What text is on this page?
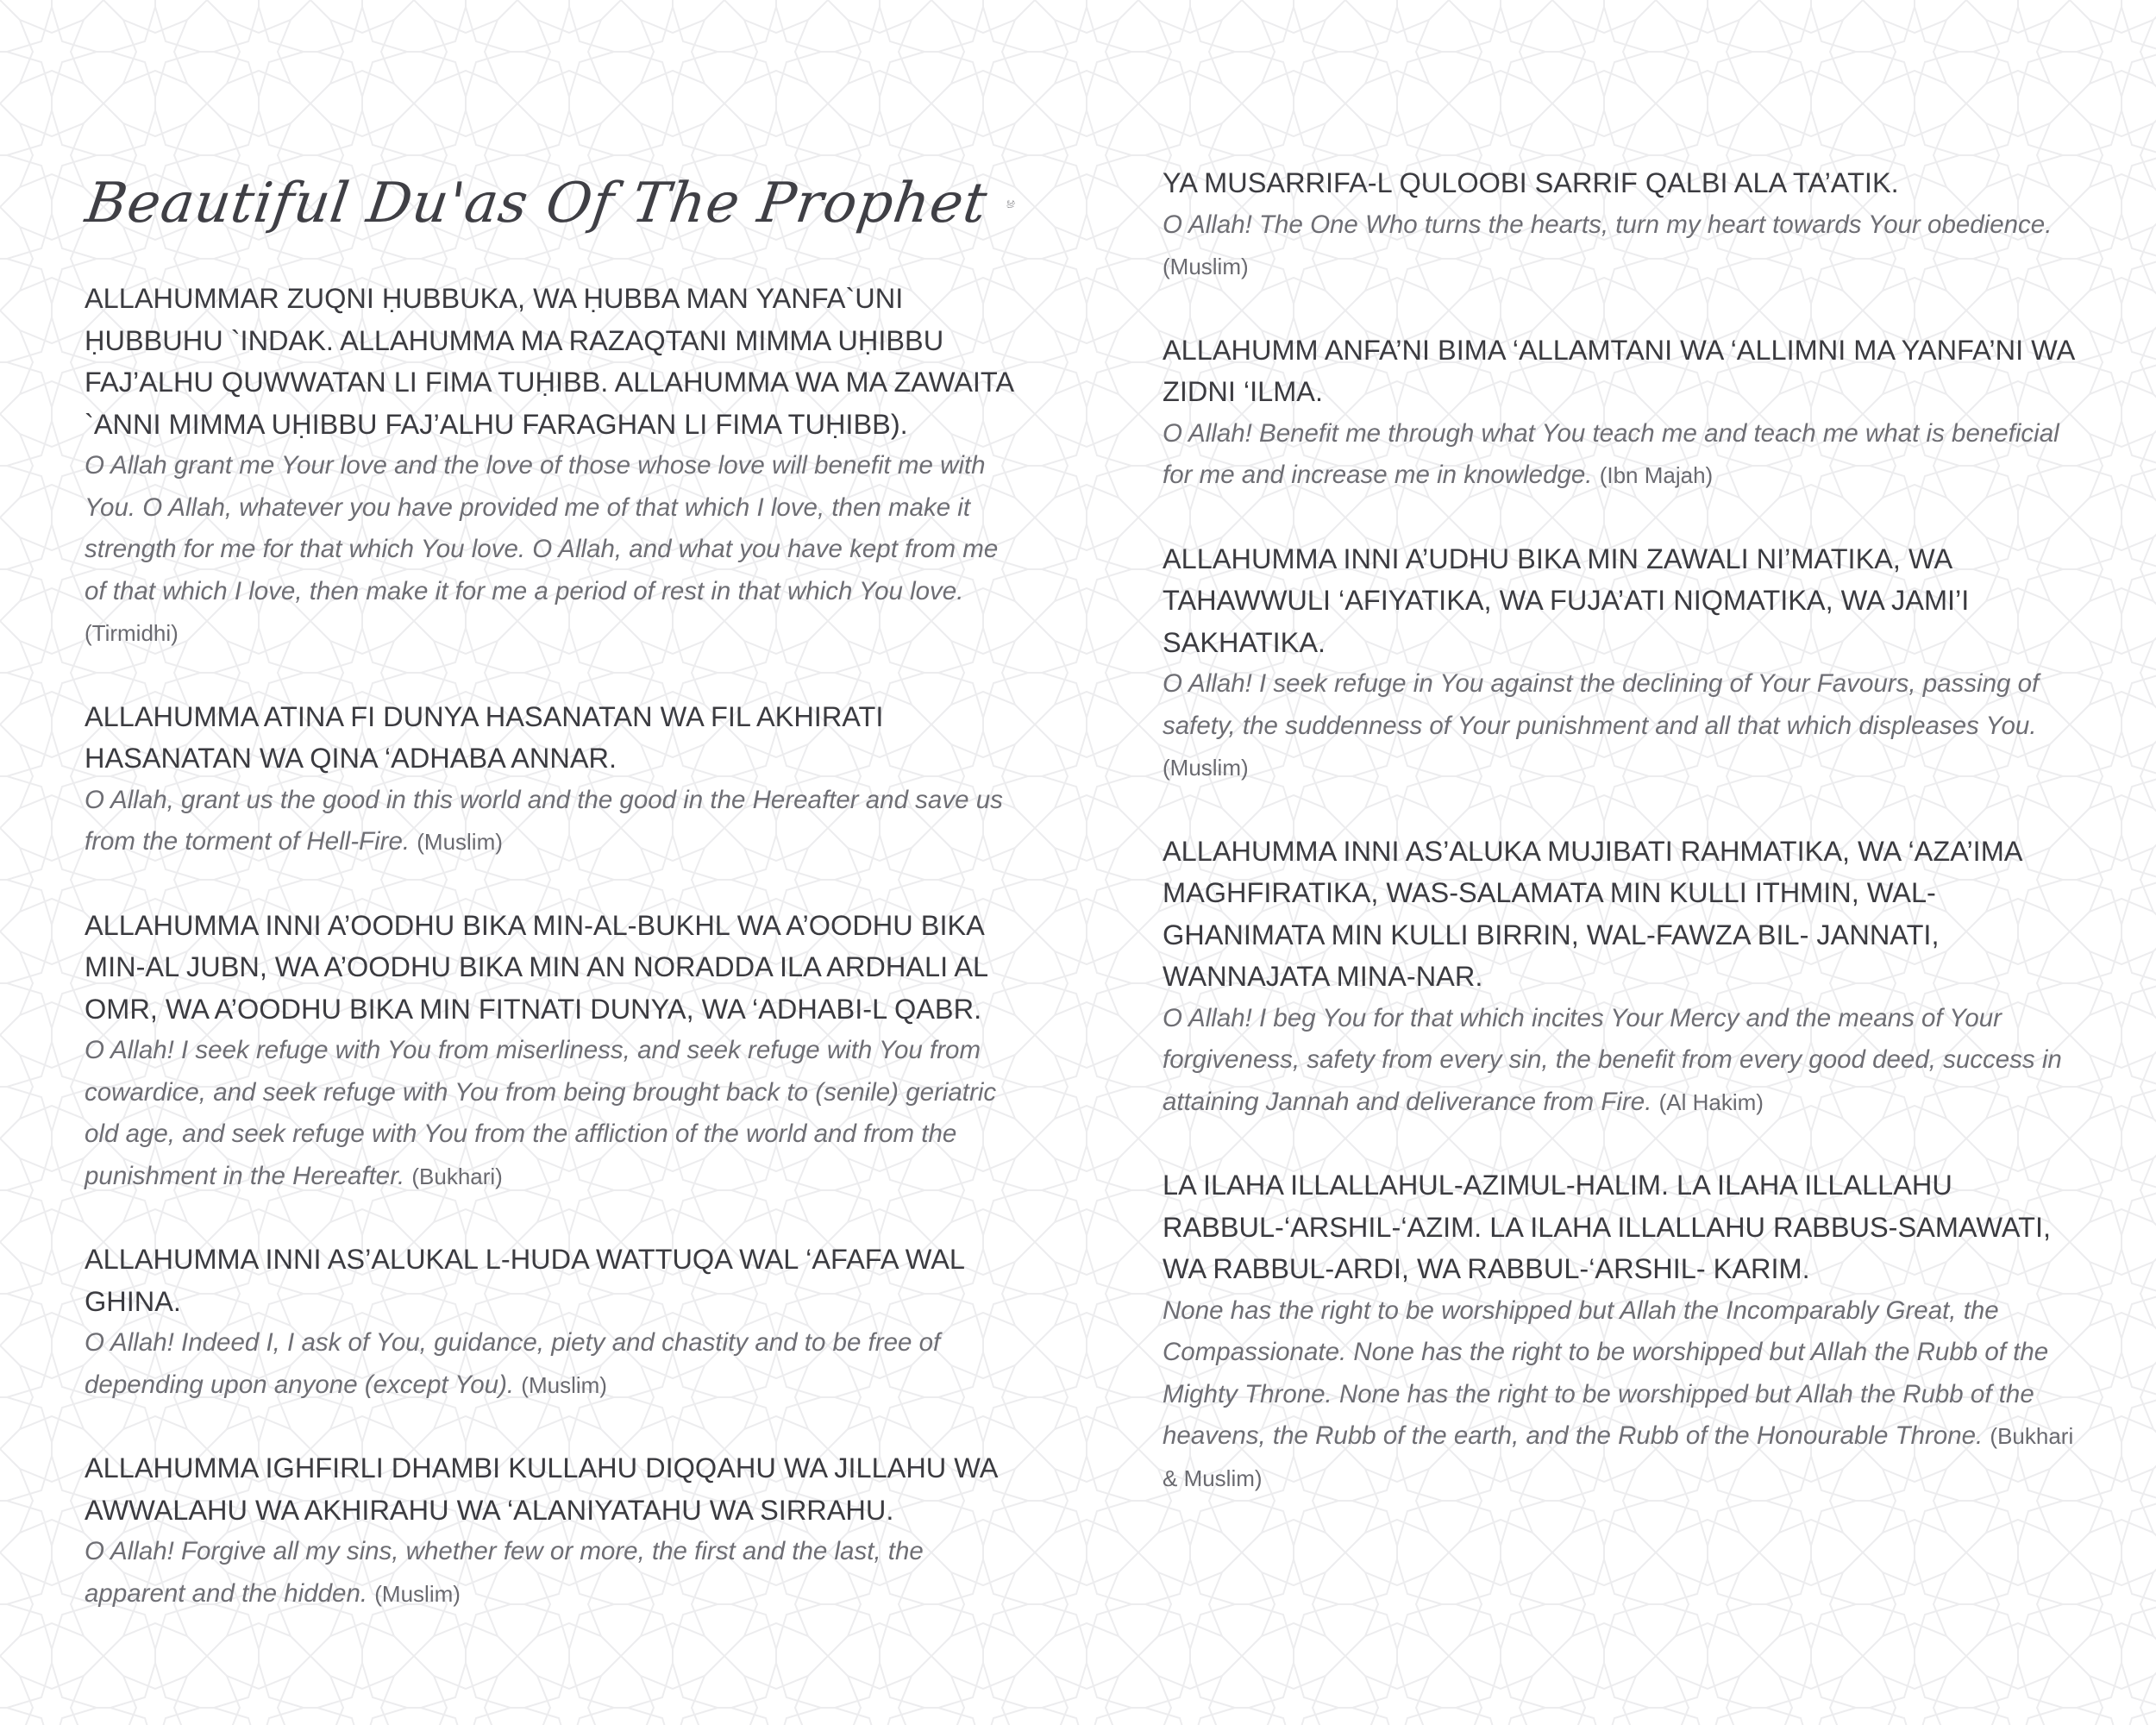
Beautiful Du'as Of The Prophet
ALLAHUMMAR ZUQNI ḤUBBUKA, WA ḤUBBA MAN YANFA`UNI ḤUBBUHU `INDAK. ALLAHUMMA MA RAZAQTANI MIMMA UḤIBBU FAJ’ALHU QUWWATAN LI FIMA TUḤIBB. ALLAHUMMA WA MA ZAWAITA `ANNI MIMMA UḤIBBU FAJ’ALHU FARAGHAN LI FIMA TUḤIBB).
O Allah grant me Your love and the love of those whose love will benefit me with You. O Allah, whatever you have provided me of that which I love, then make it strength for me for that which You love. O Allah, and what you have kept from me of that which I love, then make it for me a period of rest in that which You love. (Tirmidhi)
ALLAHUMMA ATINA FI DUNYA HASANATAN WA FIL AKHIRATI HASANATAN WA QINA ‘ADHABA ANNAR.
O Allah, grant us the good in this world and the good in the Hereafter and save us from the torment of Hell-Fire. (Muslim)
ALLAHUMMA INNI A’OODHU BIKA MIN-AL-BUKHL WA A’OODHU BIKA MIN-AL JUBN, WA A’OODHU BIKA MIN AN NORADDA ILA ARDHALI AL OMR, WA A’OODHU BIKA MIN FITNATI DUNYA, WA ‘ADHABI-L QABR.
O Allah! I seek refuge with You from miserliness, and seek refuge with You from cowardice, and seek refuge with You from being brought back to (senile) geriatric old age, and seek refuge with You from the affliction of the world and from the punishment in the Hereafter. (Bukhari)
ALLAHUMMA INNI AS’ALUKAL L-HUDA WATTUQA WAL ‘AFAFA WAL GHINA.
O Allah! Indeed I, I ask of You, guidance, piety and chastity and to be free of depending upon anyone (except You). (Muslim)
ALLAHUMMA IGHFIRLI DHAMBI KULLAHU DIQQAHU WA JILLAHU WA AWWALAHU WA AKHIRAHU WA ‘ALANIYATAHU WA SIRRAHU.
O Allah! Forgive all my sins, whether few or more, the first and the last, the apparent and the hidden. (Muslim)
YA MUSARRIFA-L QULOOBI SARRIF QALBI ALA TA’ATIK.
O Allah! The One Who turns the hearts, turn my heart towards Your obedience. (Muslim)
ALLAHUMM ANFA’NI BIMA ‘ALLAMTANI WA ‘ALLIMNI MA YANFA’NI WA ZIDNI ‘ILMA.
O Allah! Benefit me through what You teach me and teach me what is beneficial for me and increase me in knowledge. (Ibn Majah)
ALLAHUMMA INNI A’UDHU BIKA MIN ZAWALI NI’MATIKA, WA TAHAWWULI ‘AFIYATIKA, WA FUJA’ATI NIQMATIKA, WA JAMI’I SAKHATIKA.
O Allah! I seek refuge in You against the declining of Your Favours, passing of safety, the suddenness of Your punishment and all that which displeases You. (Muslim)
ALLAHUMMA INNI AS’ALUKA MUJIBATI RAHMATIKA, WA ‘AZA’IMA MAGHFIRATIKA, WAS-SALAMATA MIN KULLI ITHMIN, WAL-GHANIMATA MIN KULLI BIRRIN, WAL-FAWZA BIL- JANNATI, WANNAJATA MINA-NAR.
O Allah! I beg You for that which incites Your Mercy and the means of Your forgiveness, safety from every sin, the benefit from every good deed, success in attaining Jannah and deliverance from Fire. (Al Hakim)
LA ILAHA ILLALLAHUL-AZIMUL-HALIM. LA ILAHA ILLALLAHU RABBUL-‘ARSHIL-‘AZIM. LA ILAHA ILLALLAHU RABBUS-SAMAWATI, WA RABBUL-ARDI, WA RABBUL-‘ARSHIL- KARIM.
None has the right to be worshipped but Allah the Incomparably Great, the Compassionate. None has the right to be worshipped but Allah the Rubb of the Mighty Throne. None has the right to be worshipped but Allah the Rubb of the heavens, the Rubb of the earth, and the Rubb of the Honourable Throne. (Bukhari & Muslim)
